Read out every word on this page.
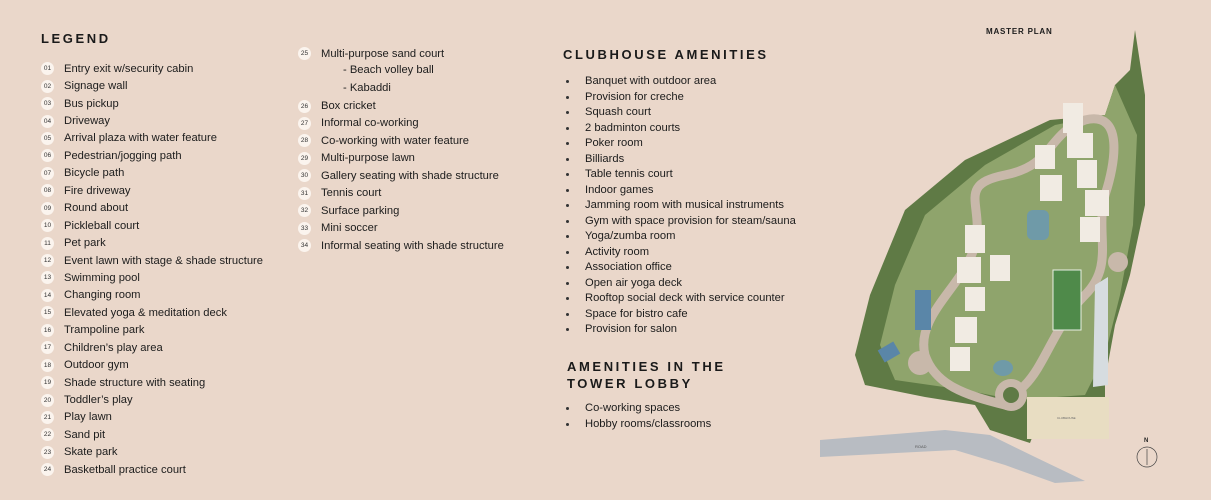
LEGEND
01 Entry exit w/security cabin
02 Signage wall
03 Bus pickup
04 Driveway
05 Arrival plaza with water feature
06 Pedestrian/jogging path
07 Bicycle path
08 Fire driveway
09 Round about
10 Pickleball court
11 Pet park
12 Event lawn with stage & shade structure
13 Swimming pool
14 Changing room
15 Elevated yoga & meditation deck
16 Trampoline park
17 Children’s play area
18 Outdoor gym
19 Shade structure with seating
20 Toddler’s play
21 Play lawn
22 Sand pit
23 Skate park
24 Basketball practice court
25 Multi-purpose sand court
- Beach volley ball
- Kabaddi
26 Box cricket
27 Informal co-working
28 Co-working with water feature
29 Multi-purpose lawn
30 Gallery seating with shade structure
31 Tennis court
32 Surface parking
33 Mini soccer
34 Informal seating with shade structure
CLUBHOUSE AMENITIES
Banquet with outdoor area
Provision for creche
Squash court
2 badminton courts
Poker room
Billiards
Table tennis court
Indoor games
Jamming room with musical instruments
Gym with space provision for steam/sauna
Yoga/zumba room
Activity room
Association office
Open air yoga deck
Rooftop social deck with service counter
Space for bistro cafe
Provision for salon
AMENITIES IN THE
TOWER LOBBY
Co-working spaces
Hobby rooms/classrooms
MASTER PLAN
ROAD
CLUBHOUSE
N
